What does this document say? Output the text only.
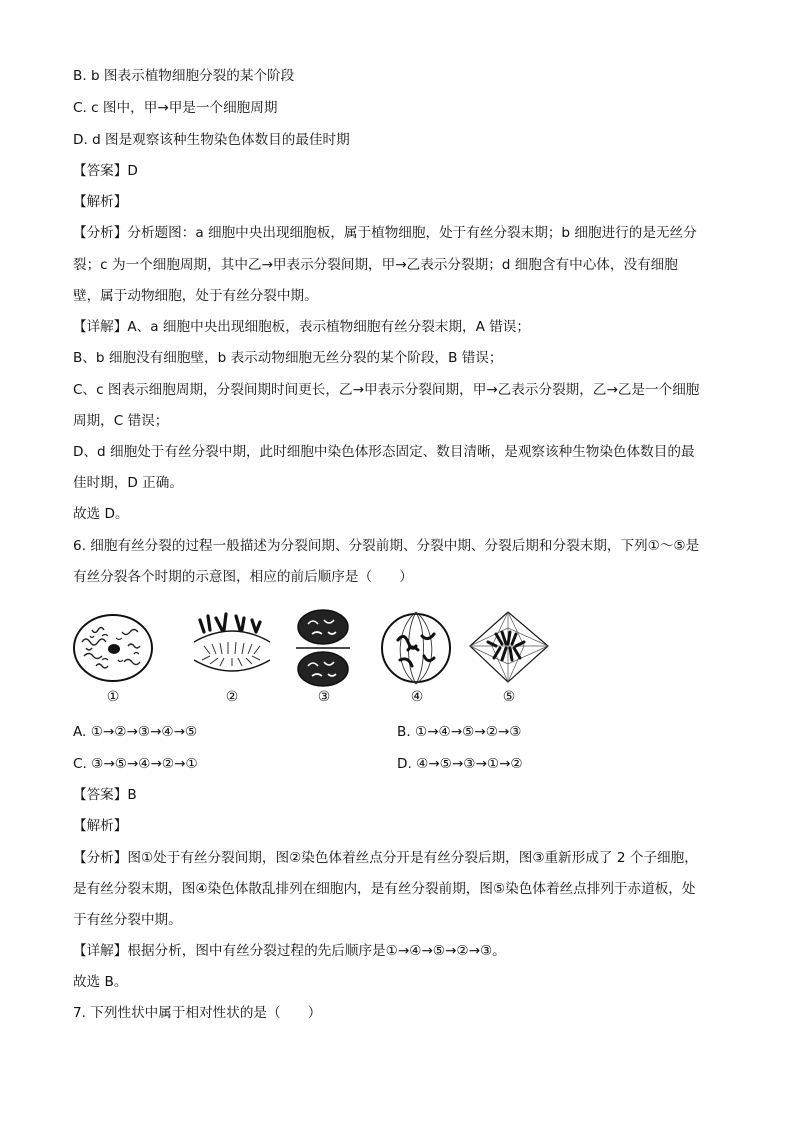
B. b 图表示植物细胞分裂的某个阶段
C. c 图中，甲→甲是一个细胞周期
D. d 图是观察该种生物染色体数目的最佳时期
【答案】D
【解析】
【分析】分析题图：a 细胞中央出现细胞板，属于植物细胞，处于有丝分裂末期；b 细胞进行的是无丝分
裂；c 为一个细胞周期，其中乙→甲表示分裂间期，甲→乙表示分裂期；d 细胞含有中心体，没有细胞
壁，属于动物细胞，处于有丝分裂中期。
【详解】A、a 细胞中央出现细胞板，表示植物细胞有丝分裂末期，A 错误；
B、b 细胞没有细胞壁，b 表示动物细胞无丝分裂的某个阶段，B 错误；
C、c 图表示细胞周期，分裂间期时间更长，乙→甲表示分裂间期，甲→乙表示分裂期，乙→乙是一个细胞
周期，C 错误；
D、d 细胞处于有丝分裂中期，此时细胞中染色体形态固定、数目清晰，是观察该种生物染色体数目的最
佳时期，D 正确。
故选 D。
6. 细胞有丝分裂的过程一般描述为分裂间期、分裂前期、分裂中期、分裂后期和分裂末期，下列①～⑤是
有丝分裂各个时期的示意图，相应的前后顺序是（　　）
①	②	③	④	⑤
A. ①→②→③→④→⑤	B. ①→④→⑤→②→③
C. ③→⑤→④→②→①	D. ④→⑤→③→①→②
【答案】B
【解析】
【分析】图①处于有丝分裂间期，图②染色体着丝点分开是有丝分裂后期，图③重新形成了 2 个子细胞，
是有丝分裂末期，图④染色体散乱排列在细胞内，是有丝分裂前期，图⑤染色体着丝点排列于赤道板，处
于有丝分裂中期。
【详解】根据分析，图中有丝分裂过程的先后顺序是①→④→⑤→②→③。
故选 B。
7. 下列性状中属于相对性状的是（　　）
